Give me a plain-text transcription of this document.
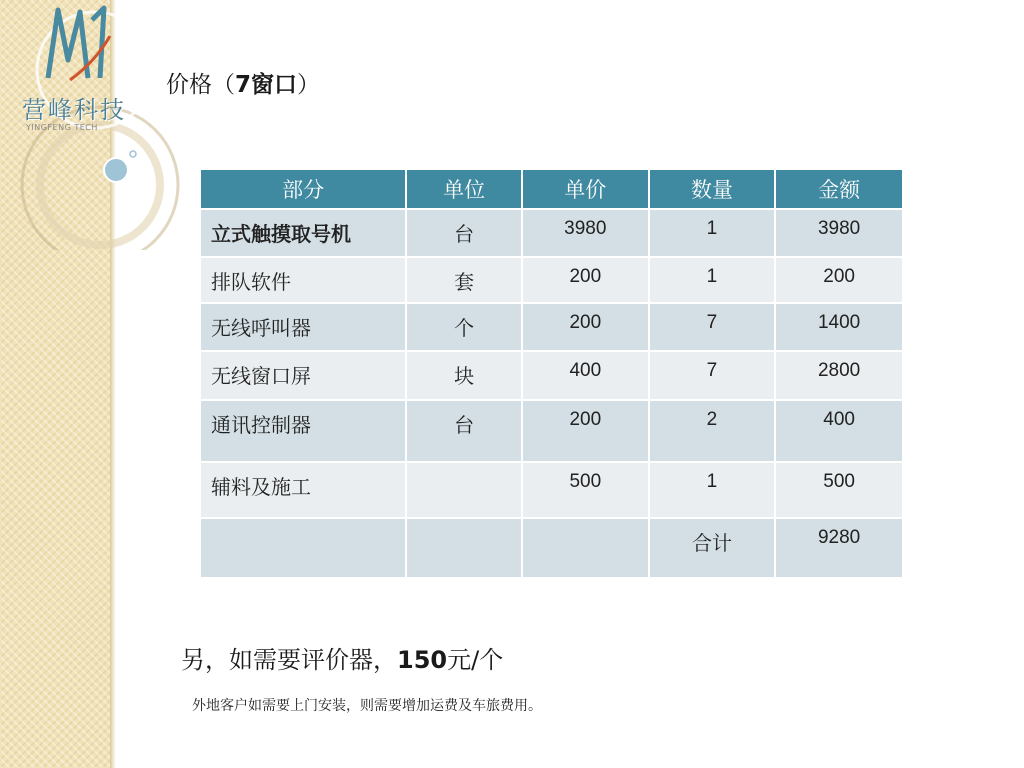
营峰科技
YINGFENG TECH
价格（7窗口）
部分	单位	单价	数量	金额
立式触摸取号机	台	3980	1	3980
排队软件	套	200	1	200
无线呼叫器	个	200	7	1400
无线窗口屏	块	400	7	2800
通讯控制器	台	200	2	400
辅料及施工		500	1	500
			合计	9280
另，如需要评价器，150元/个
外地客户如需要上门安装，则需要增加运费及车旅费用。
